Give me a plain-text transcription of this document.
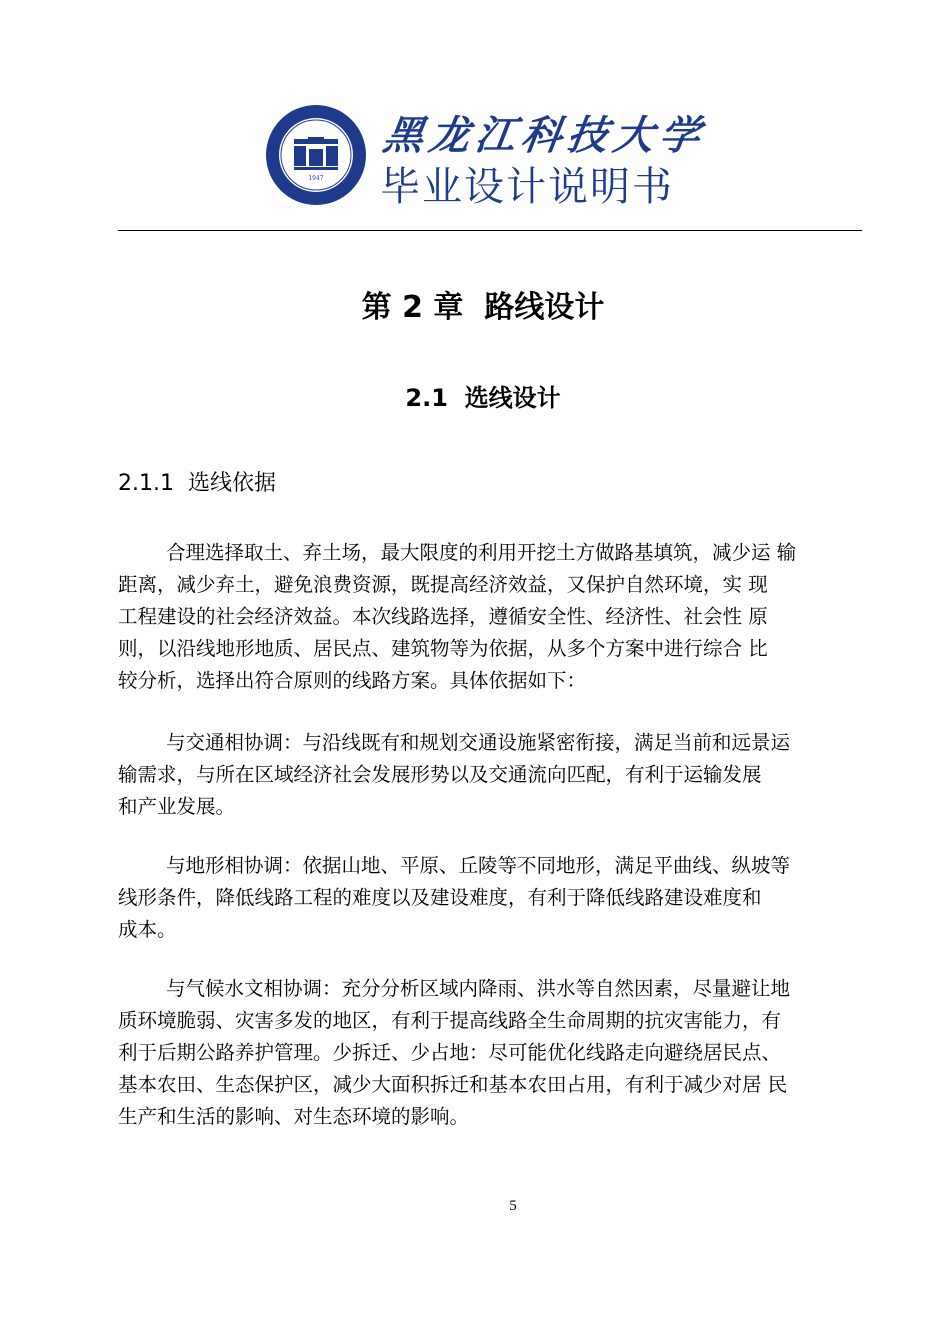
1947
黑龙江科技大学
毕业设计说明书
第 2 章  路线设计
2.1  选线设计
2.1.1  选线依据
合理选择取土、弃土场，最大限度的利用开挖土方做路基填筑，减少运 输
距离，减少弃土，避免浪费资源，既提高经济效益，又保护自然环境，实 现
工程建设的社会经济效益。本次线路选择，遵循安全性、经济性、社会性 原
则，以沿线地形地质、居民点、建筑物等为依据，从多个方案中进行综合 比
较分析，选择出符合原则的线路方案。具体依据如下：
与交通相协调：与沿线既有和规划交通设施紧密衔接，满足当前和远景运
输需求，与所在区域经济社会发展形势以及交通流向匹配，有利于运输发展
和产业发展。
与地形相协调：依据山地、平原、丘陵等不同地形，满足平曲线、纵坡等
线形条件，降低线路工程的难度以及建设难度，有利于降低线路建设难度和
成本。
与气候水文相协调：充分分析区域内降雨、洪水等自然因素，尽量避让地
质环境脆弱、灾害多发的地区，有利于提高线路全生命周期的抗灾害能力，有
利于后期公路养护管理。少拆迁、少占地：尽可能优化线路走向避绕居民点、
基本农田、生态保护区，减少大面积拆迁和基本农田占用，有利于减少对居 民
生产和生活的影响、对生态环境的影响。
5
